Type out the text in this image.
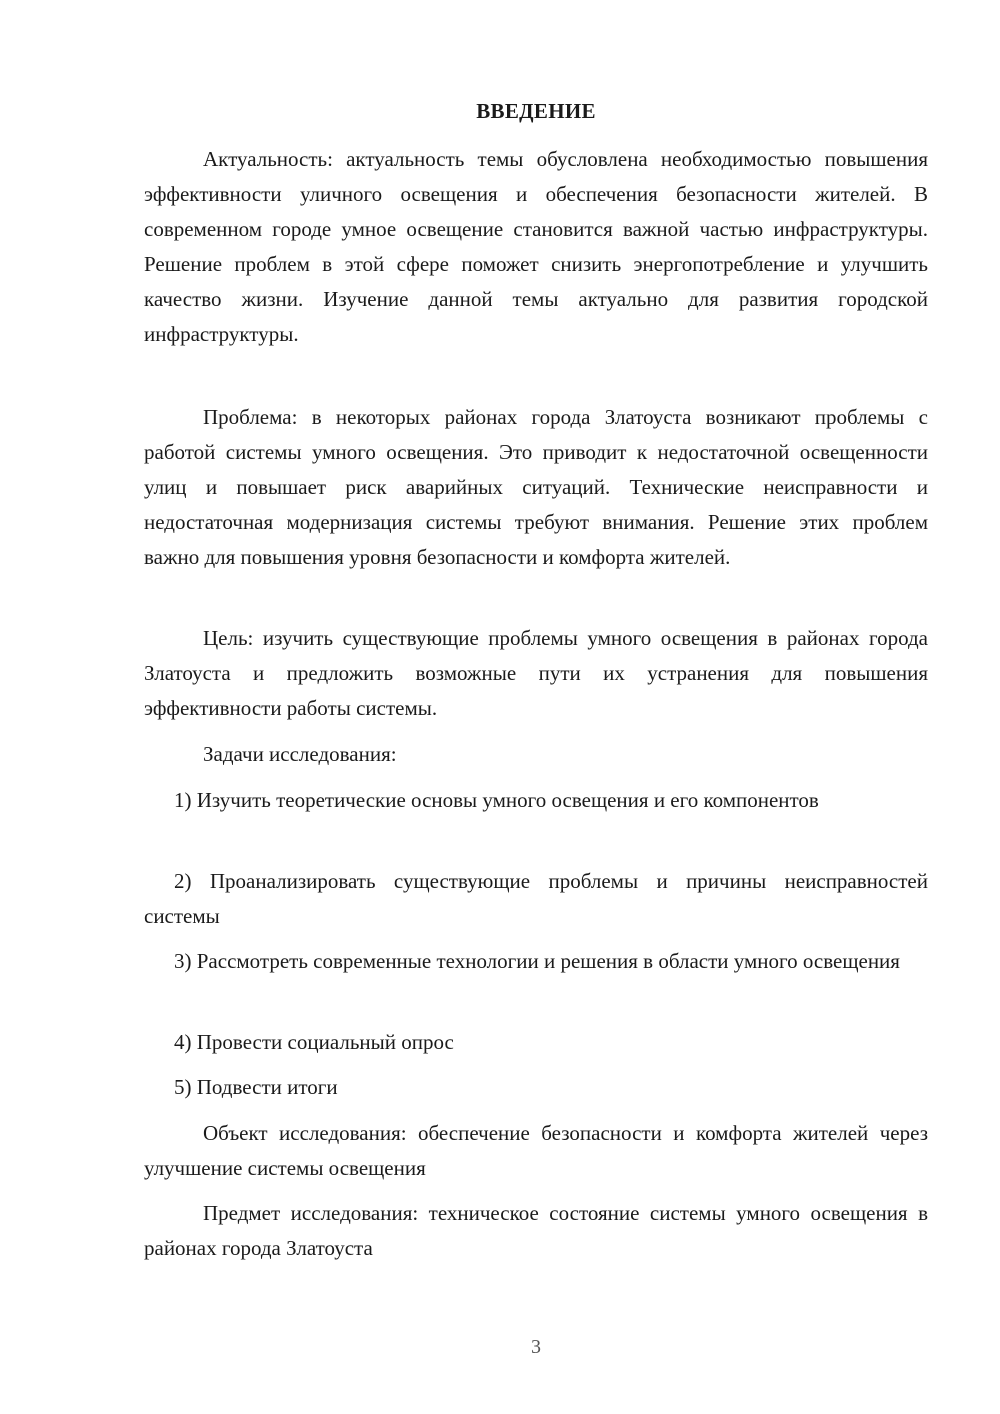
ВВЕДЕНИЕ

Актуальность: актуальность темы обусловлена необходимостью повышения эффективности уличного освещения и обеспечения безопасности жителей. В современном городе умное освещение становится важной частью инфраструктуры. Решение проблем в этой сфере поможет снизить энергопотребление и улучшить качество жизни. Изучение данной темы актуально для развития городской инфраструктуры.

Проблема: в некоторых районах города Златоуста возникают проблемы с работой системы умного освещения. Это приводит к недостаточной освещенности улиц и повышает риск аварийных ситуаций. Технические неисправности и недостаточная модернизация системы требуют внимания. Решение этих проблем важно для повышения уровня безопасности и комфорта жителей.

Цель: изучить существующие проблемы умного освещения в районах города Златоуста и предложить возможные пути их устранения для повышения эффективности работы системы.

Задачи исследования:

1) Изучить теоретические основы умного освещения и его компонентов

2) Проанализировать существующие проблемы и причины неисправностей системы

3) Рассмотреть современные технологии и решения в области умного освещения

4) Провести социальный опрос

5) Подвести итоги

Объект исследования: обеспечение безопасности и комфорта жителей через улучшение системы освещения

Предмет исследования: техническое состояние системы умного освещения в районах города Златоуста

3
